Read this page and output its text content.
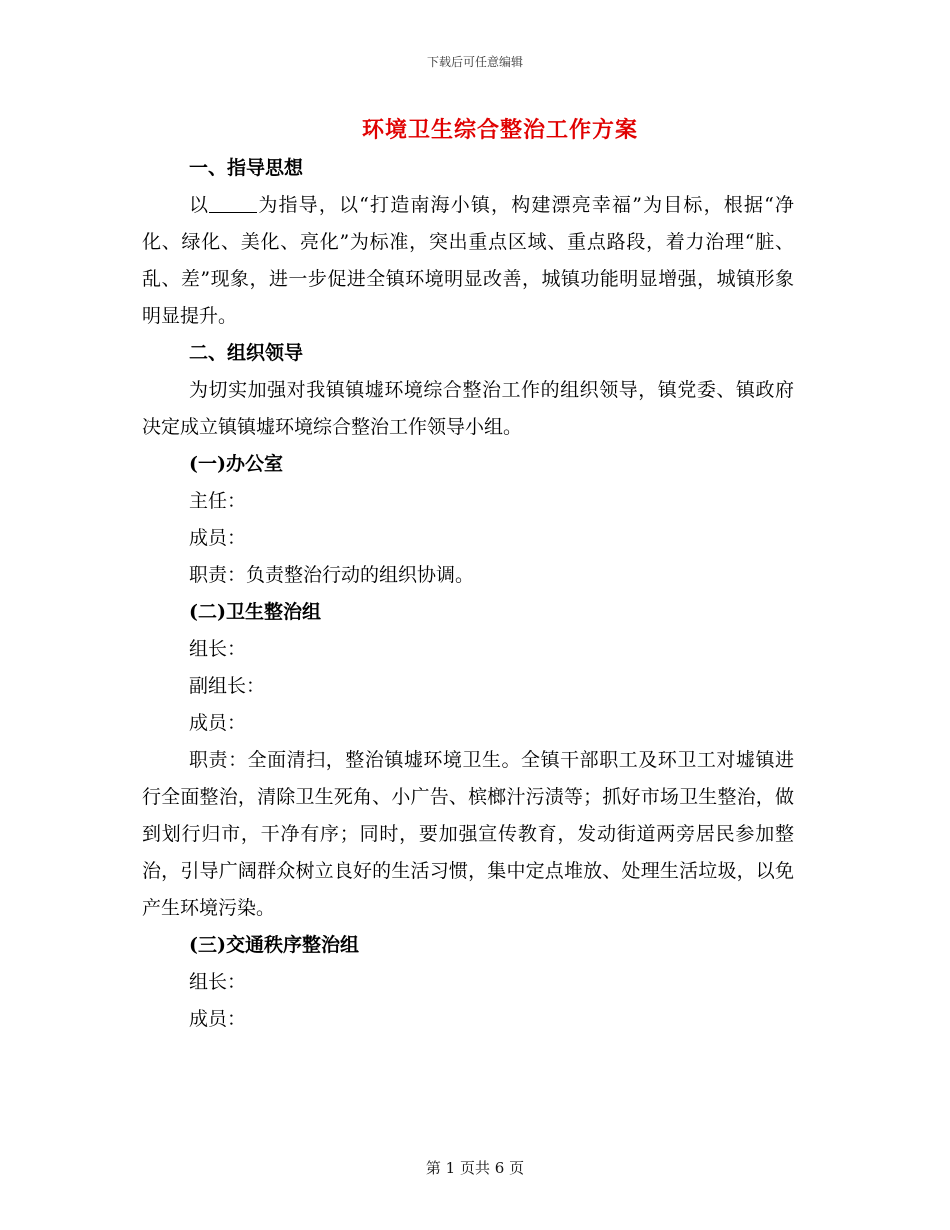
下载后可任意编辑
环境卫生综合整治工作方案
一、指导思想
以	为指导，以“打造南海小镇，构建漂亮幸福”为目标，根据“净化、绿化、美化、亮化”为标准，突出重点区域、重点路段，着力治理“脏、乱、差”现象，进一步促进全镇环境明显改善，城镇功能明显增强，城镇形象明显提升。
二、组织领导
为切实加强对我镇镇墟环境综合整治工作的组织领导，镇党委、镇政府决定成立镇镇墟环境综合整治工作领导小组。
(一)办公室
主任：
成员：
职责：负责整治行动的组织协调。
(二)卫生整治组
组长：
副组长：
成员：
职责：全面清扫，整治镇墟环境卫生。全镇干部职工及环卫工对墟镇进行全面整治，清除卫生死角、小广告、槟榔汁污渍等；抓好市场卫生整治，做到划行归市，干净有序；同时，要加强宣传教育，发动街道两旁居民参加整治，引导广阔群众树立良好的生活习惯，集中定点堆放、处理生活垃圾，以免产生环境污染。
(三)交通秩序整治组
组长：
成员：
第 1 页共 6 页
